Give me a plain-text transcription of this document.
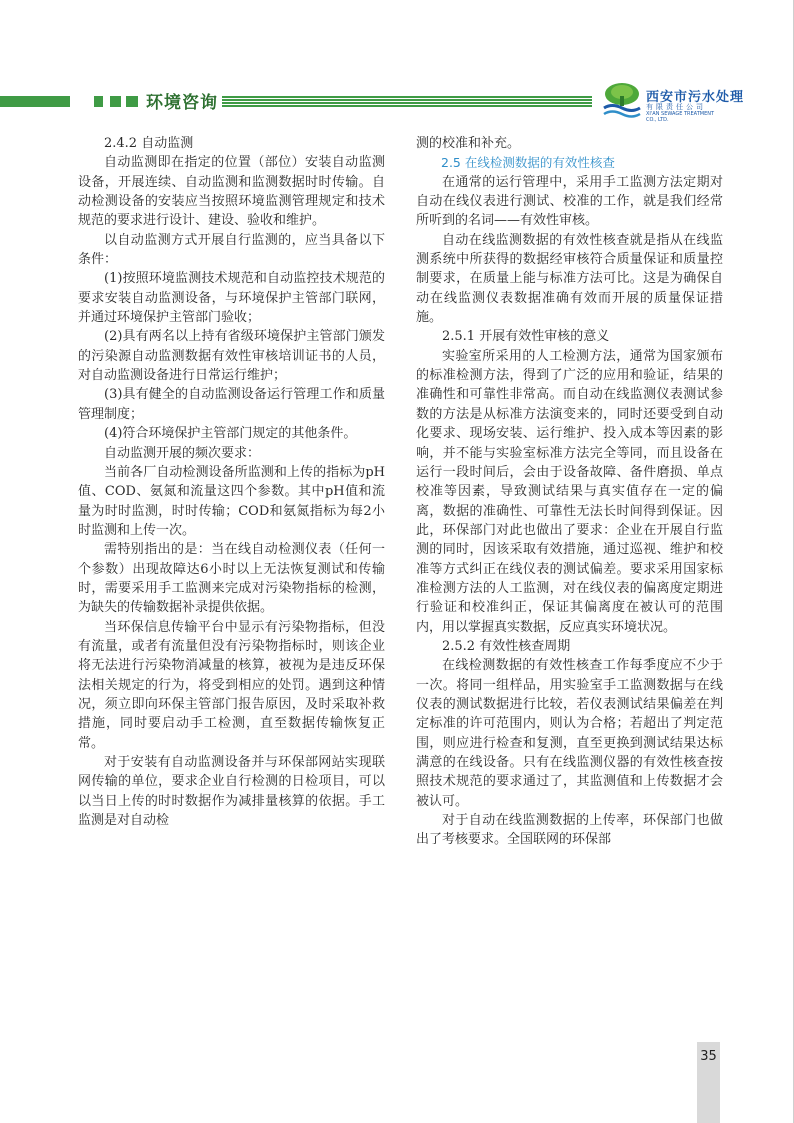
环境咨询	西安市污水处理
有限责任公司
XI'AN SEWAGE TREATMENT CO., LTD.

2.4.2 自动监测

自动监测即在指定的位置（部位）安装自动监测设备，开展连续、自动监测和监测数据时时传输。自动检测设备的安装应当按照环境监测管理规定和技术规范的要求进行设计、建设、验收和维护。

以自动监测方式开展自行监测的，应当具备以下条件：

(1)按照环境监测技术规范和自动监控技术规范的要求安装自动监测设备，与环境保护主管部门联网，并通过环境保护主管部门验收；

(2)具有两名以上持有省级环境保护主管部门颁发的污染源自动监测数据有效性审核培训证书的人员，对自动监测设备进行日常运行维护；

(3)具有健全的自动监测设备运行管理工作和质量管理制度；

(4)符合环境保护主管部门规定的其他条件。

自动监测开展的频次要求：

当前各厂自动检测设备所监测和上传的指标为pH值、COD、氨氮和流量这四个参数。其中pH值和流量为时时监测，时时传输；COD和氨氮指标为每2小时监测和上传一次。

需特别指出的是：当在线自动检测仪表（任何一个参数）出现故障达6小时以上无法恢复测试和传输时，需要采用手工监测来完成对污染物指标的检测，为缺失的传输数据补录提供依据。

当环保信息传输平台中显示有污染物指标，但没有流量，或者有流量但没有污染物指标时，则该企业将无法进行污染物消减量的核算，被视为是违反环保法相关规定的行为，将受到相应的处罚。遇到这种情况，须立即向环保主管部门报告原因，及时采取补救措施，同时要启动手工检测，直至数据传输恢复正常。

对于安装有自动监测设备并与环保部网站实现联网传输的单位，要求企业自行检测的日检项目，可以以当日上传的时时数据作为减排量核算的依据。手工监测是对自动检

测的校准和补充。

2.5 在线检测数据的有效性核查

在通常的运行管理中，采用手工监测方法定期对自动在线仪表进行测试、校准的工作，就是我们经常所听到的名词——有效性审核。

自动在线监测数据的有效性核查就是指从在线监测系统中所获得的数据经审核符合质量保证和质量控制要求，在质量上能与标准方法可比。这是为确保自动在线监测仪表数据准确有效而开展的质量保证措施。

2.5.1 开展有效性审核的意义

实验室所采用的人工检测方法，通常为国家颁布的标准检测方法，得到了广泛的应用和验证，结果的准确性和可靠性非常高。而自动在线监测仪表测试参数的方法是从标准方法演变来的，同时还要受到自动化要求、现场安装、运行维护、投入成本等因素的影响，并不能与实验室标准方法完全等同，而且设备在运行一段时间后，会由于设备故障、备件磨损、单点校准等因素，导致测试结果与真实值存在一定的偏离，数据的准确性、可靠性无法长时间得到保证。因此，环保部门对此也做出了要求：企业在开展自行监测的同时，因该采取有效措施，通过巡视、维护和校准等方式纠正在线仪表的测试偏差。要求采用国家标准检测方法的人工监测，对在线仪表的偏离度定期进行验证和校准纠正，保证其偏离度在被认可的范围内，用以掌握真实数据，反应真实环境状况。

2.5.2 有效性核查周期

在线检测数据的有效性核查工作每季度应不少于一次。将同一组样品，用实验室手工监测数据与在线仪表的测试数据进行比较，若仪表测试结果偏差在判定标准的许可范围内，则认为合格；若超出了判定范围，则应进行检查和复测，直至更换到测试结果达标满意的在线设备。只有在线监测仪器的有效性核查按照技术规范的要求通过了，其监测值和上传数据才会被认可。

对于自动在线监测数据的上传率，环保部门也做出了考核要求。全国联网的环保部

35
